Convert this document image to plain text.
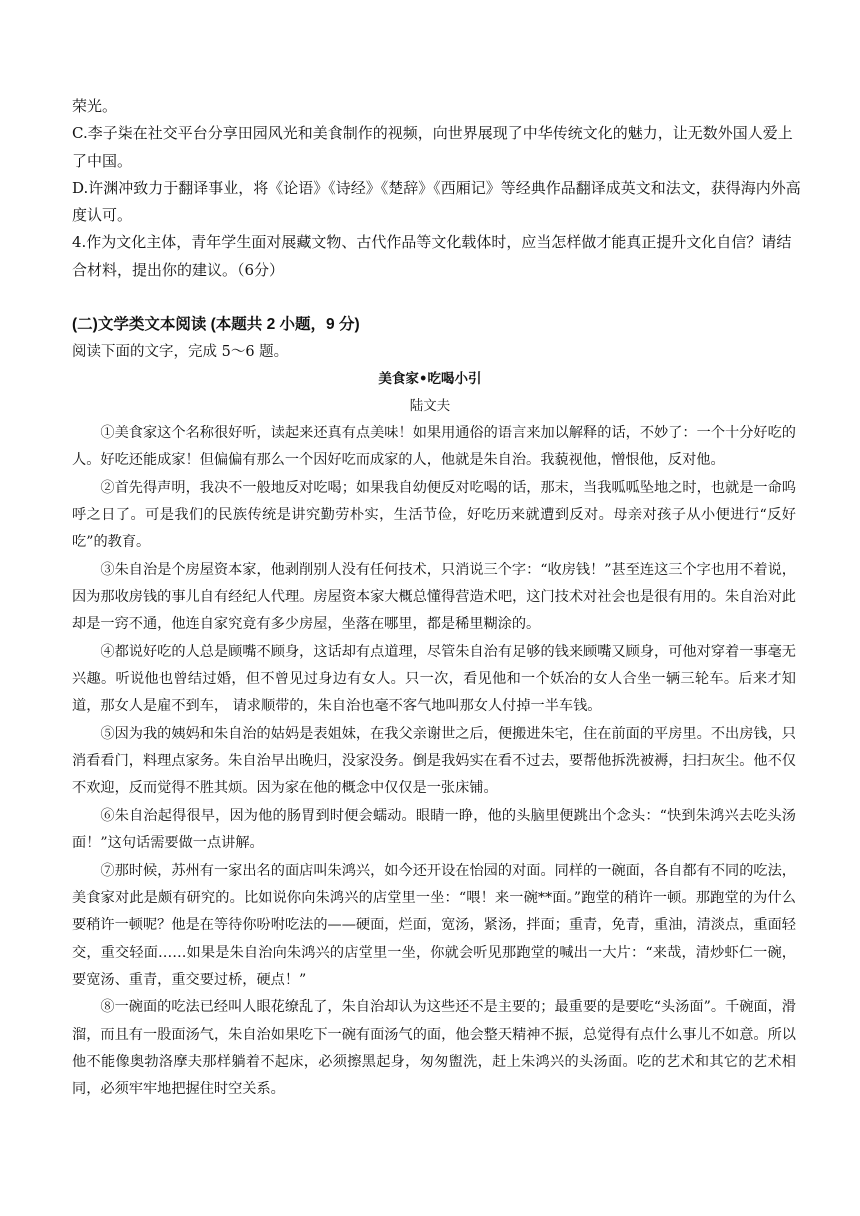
荣光。

C.李子柒在社交平台分享田园风光和美食制作的视频，向世界展现了中华传统文化的魅力，让无数外国人爱上了中国。

D.许渊冲致力于翻译事业，将《论语》《诗经》《楚辞》《西厢记》等经典作品翻译成英文和法文，获得海内外高度认可。

4.作为文化主体，青年学生面对展藏文物、古代作品等文化载体时，应当怎样做才能真正提升文化自信？请结合材料，提出你的建议。（6分）

(二)文学类文本阅读 (本题共 2 小题，9 分)
阅读下面的文字，完成 5～6 题。
美食家•吃喝小引
陆文夫

①美食家这个名称很好听，读起来还真有点美味！如果用通俗的语言来加以解释的话，不妙了：一个十分好吃的人。好吃还能成家！但偏偏有那么一个因好吃而成家的人，他就是朱自治。我藐视他，憎恨他，反对他。

②首先得声明，我决不一般地反对吃喝；如果我自幼便反对吃喝的话，那末，当我呱呱坠地之时，也就是一命呜呼之日了。可是我们的民族传统是讲究勤劳朴实，生活节俭，好吃历来就遭到反对。母亲对孩子从小便进行“反好吃”的教育。

③朱自治是个房屋资本家，他剥削别人没有任何技术，只消说三个字：“收房钱！”甚至连这三个字也用不着说，因为那收房钱的事儿自有经纪人代理。房屋资本家大概总懂得营造术吧，这门技术对社会也是很有用的。朱自治对此却是一窍不通，他连自家究竟有多少房屋，坐落在哪里，都是稀里糊涂的。

④都说好吃的人总是顾嘴不顾身，这话却有点道理，尽管朱自治有足够的钱来顾嘴又顾身，可他对穿着一事毫无兴趣。听说他也曾结过婚，但不曾见过身边有女人。只一次，看见他和一个妖冶的女人合坐一辆三轮车。后来才知道，那女人是雇不到车， 请求顺带的，朱自治也毫不客气地叫那女人付掉一半车钱。

⑤因为我的姨妈和朱自治的姑妈是表姐妹，在我父亲谢世之后，便搬进朱宅，住在前面的平房里。不出房钱，只消看看门，料理点家务。朱自治早出晚归，没家没务。倒是我妈实在看不过去，要帮他拆洗被褥，扫扫灰尘。他不仅不欢迎，反而觉得不胜其烦。因为家在他的概念中仅仅是一张床铺。

⑥朱自治起得很早，因为他的肠胃到时便会蠕动。眼睛一睁，他的头脑里便跳出个念头：“快到朱鸿兴去吃头汤面！”这句话需要做一点讲解。

⑦那时候，苏州有一家出名的面店叫朱鸿兴，如今还开设在怡园的对面。同样的一碗面，各自都有不同的吃法，美食家对此是颇有研究的。比如说你向朱鸿兴的店堂里一坐：“喂！来一碗**面。”跑堂的稍许一顿。那跑堂的为什么要稍许一顿呢？他是在等待你吩咐吃法的——硬面，烂面，宽汤，紧汤，拌面；重青，免青，重油，清淡点，重面轻交，重交轻面……如果是朱自治向朱鸿兴的店堂里一坐，你就会听见那跑堂的喊出一大片：“来哉，清炒虾仁一碗，要宽汤、重青，重交要过桥，硬点！”

⑧一碗面的吃法已经叫人眼花缭乱了，朱自治却认为这些还不是主要的；最重要的是要吃“头汤面”。千碗面，滑溜，而且有一股面汤气，朱自治如果吃下一碗有面汤气的面，他会整天精神不振，总觉得有点什么事儿不如意。所以他不能像奥勃洛摩夫那样躺着不起床，必须擦黑起身，匆匆盥洗，赶上朱鸿兴的头汤面。吃的艺术和其它的艺术相同，必须牢牢地把握住时空关系。
